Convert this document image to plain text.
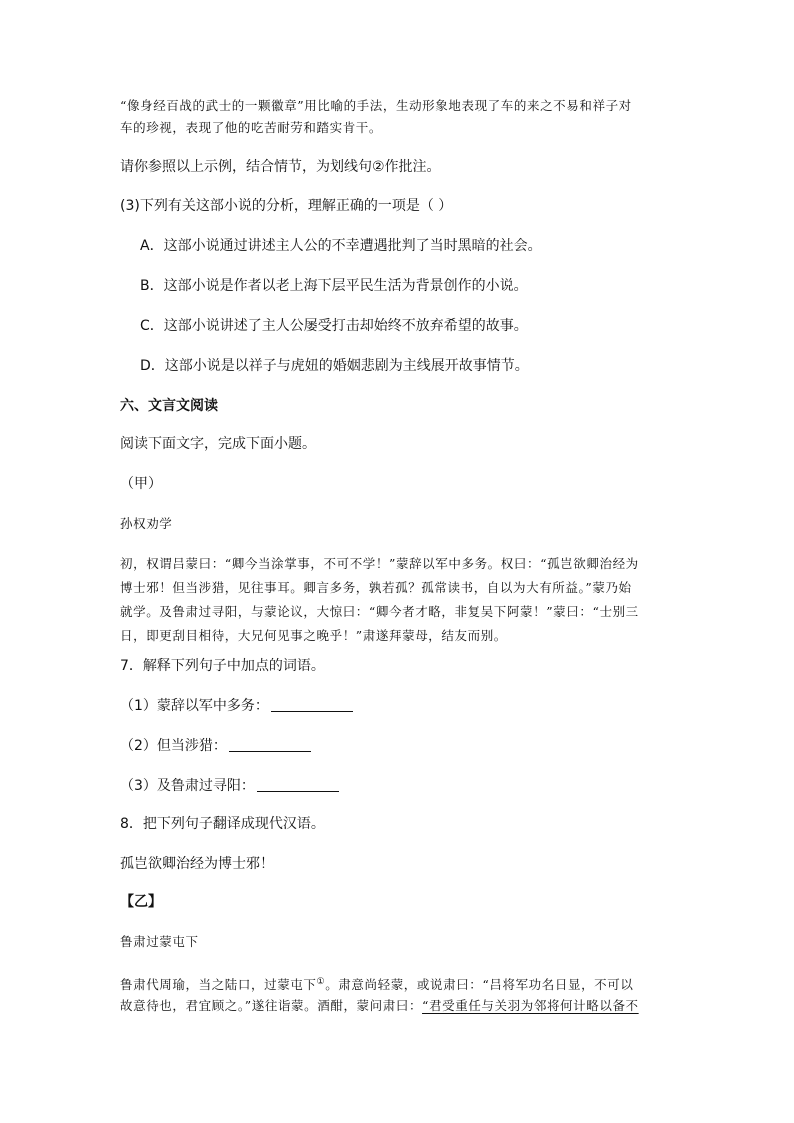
“像身经百战的武士的一颗徽章”用比喻的手法，生动形象地表现了车的来之不易和祥子对
车的珍视，表现了他的吃苦耐劳和踏实肯干。
请你参照以上示例，结合情节，为划线句②作批注。
(3)下列有关这部小说的分析，理解正确的一项是（ ）
A．这部小说通过讲述主人公的不幸遭遇批判了当时黑暗的社会。
B．这部小说是作者以老上海下层平民生活为背景创作的小说。
C．这部小说讲述了主人公屡受打击却始终不放弃希望的故事。
D．这部小说是以祥子与虎妞的婚姻悲剧为主线展开故事情节。
六、文言文阅读
阅读下面文字，完成下面小题。
（甲）
孙权劝学
初，权谓吕蒙曰：“卿今当涂掌事，不可不学！”蒙辞以军中多务。权曰：“孤岂欲卿治经为
博士邪！但当涉猎，见往事耳。卿言多务，孰若孤？孤常读书，自以为大有所益。”蒙乃始
就学。及鲁肃过寻阳，与蒙论议，大惊曰：“卿今者才略，非复吴下阿蒙！”蒙曰：“士别三
日，即更刮目相待，大兄何见事之晚乎！”肃遂拜蒙母，结友而别。
7．解释下列句子中加点的词语。
（1）蒙辞以军中多务：
（2）但当涉猎：
（3）及鲁肃过寻阳：
8．把下列句子翻译成现代汉语。
孤岂欲卿治经为博士邪！
【乙】
鲁肃过蒙屯下
鲁肃代周瑜，当之陆口，过蒙屯下①。肃意尚轻蒙，或说肃曰：“吕将军功名日显，不可以
故意待也，君宜顾之。”遂往诣蒙。酒酣，蒙问肃曰：“君受重任与关羽为邻将何计略以备不
